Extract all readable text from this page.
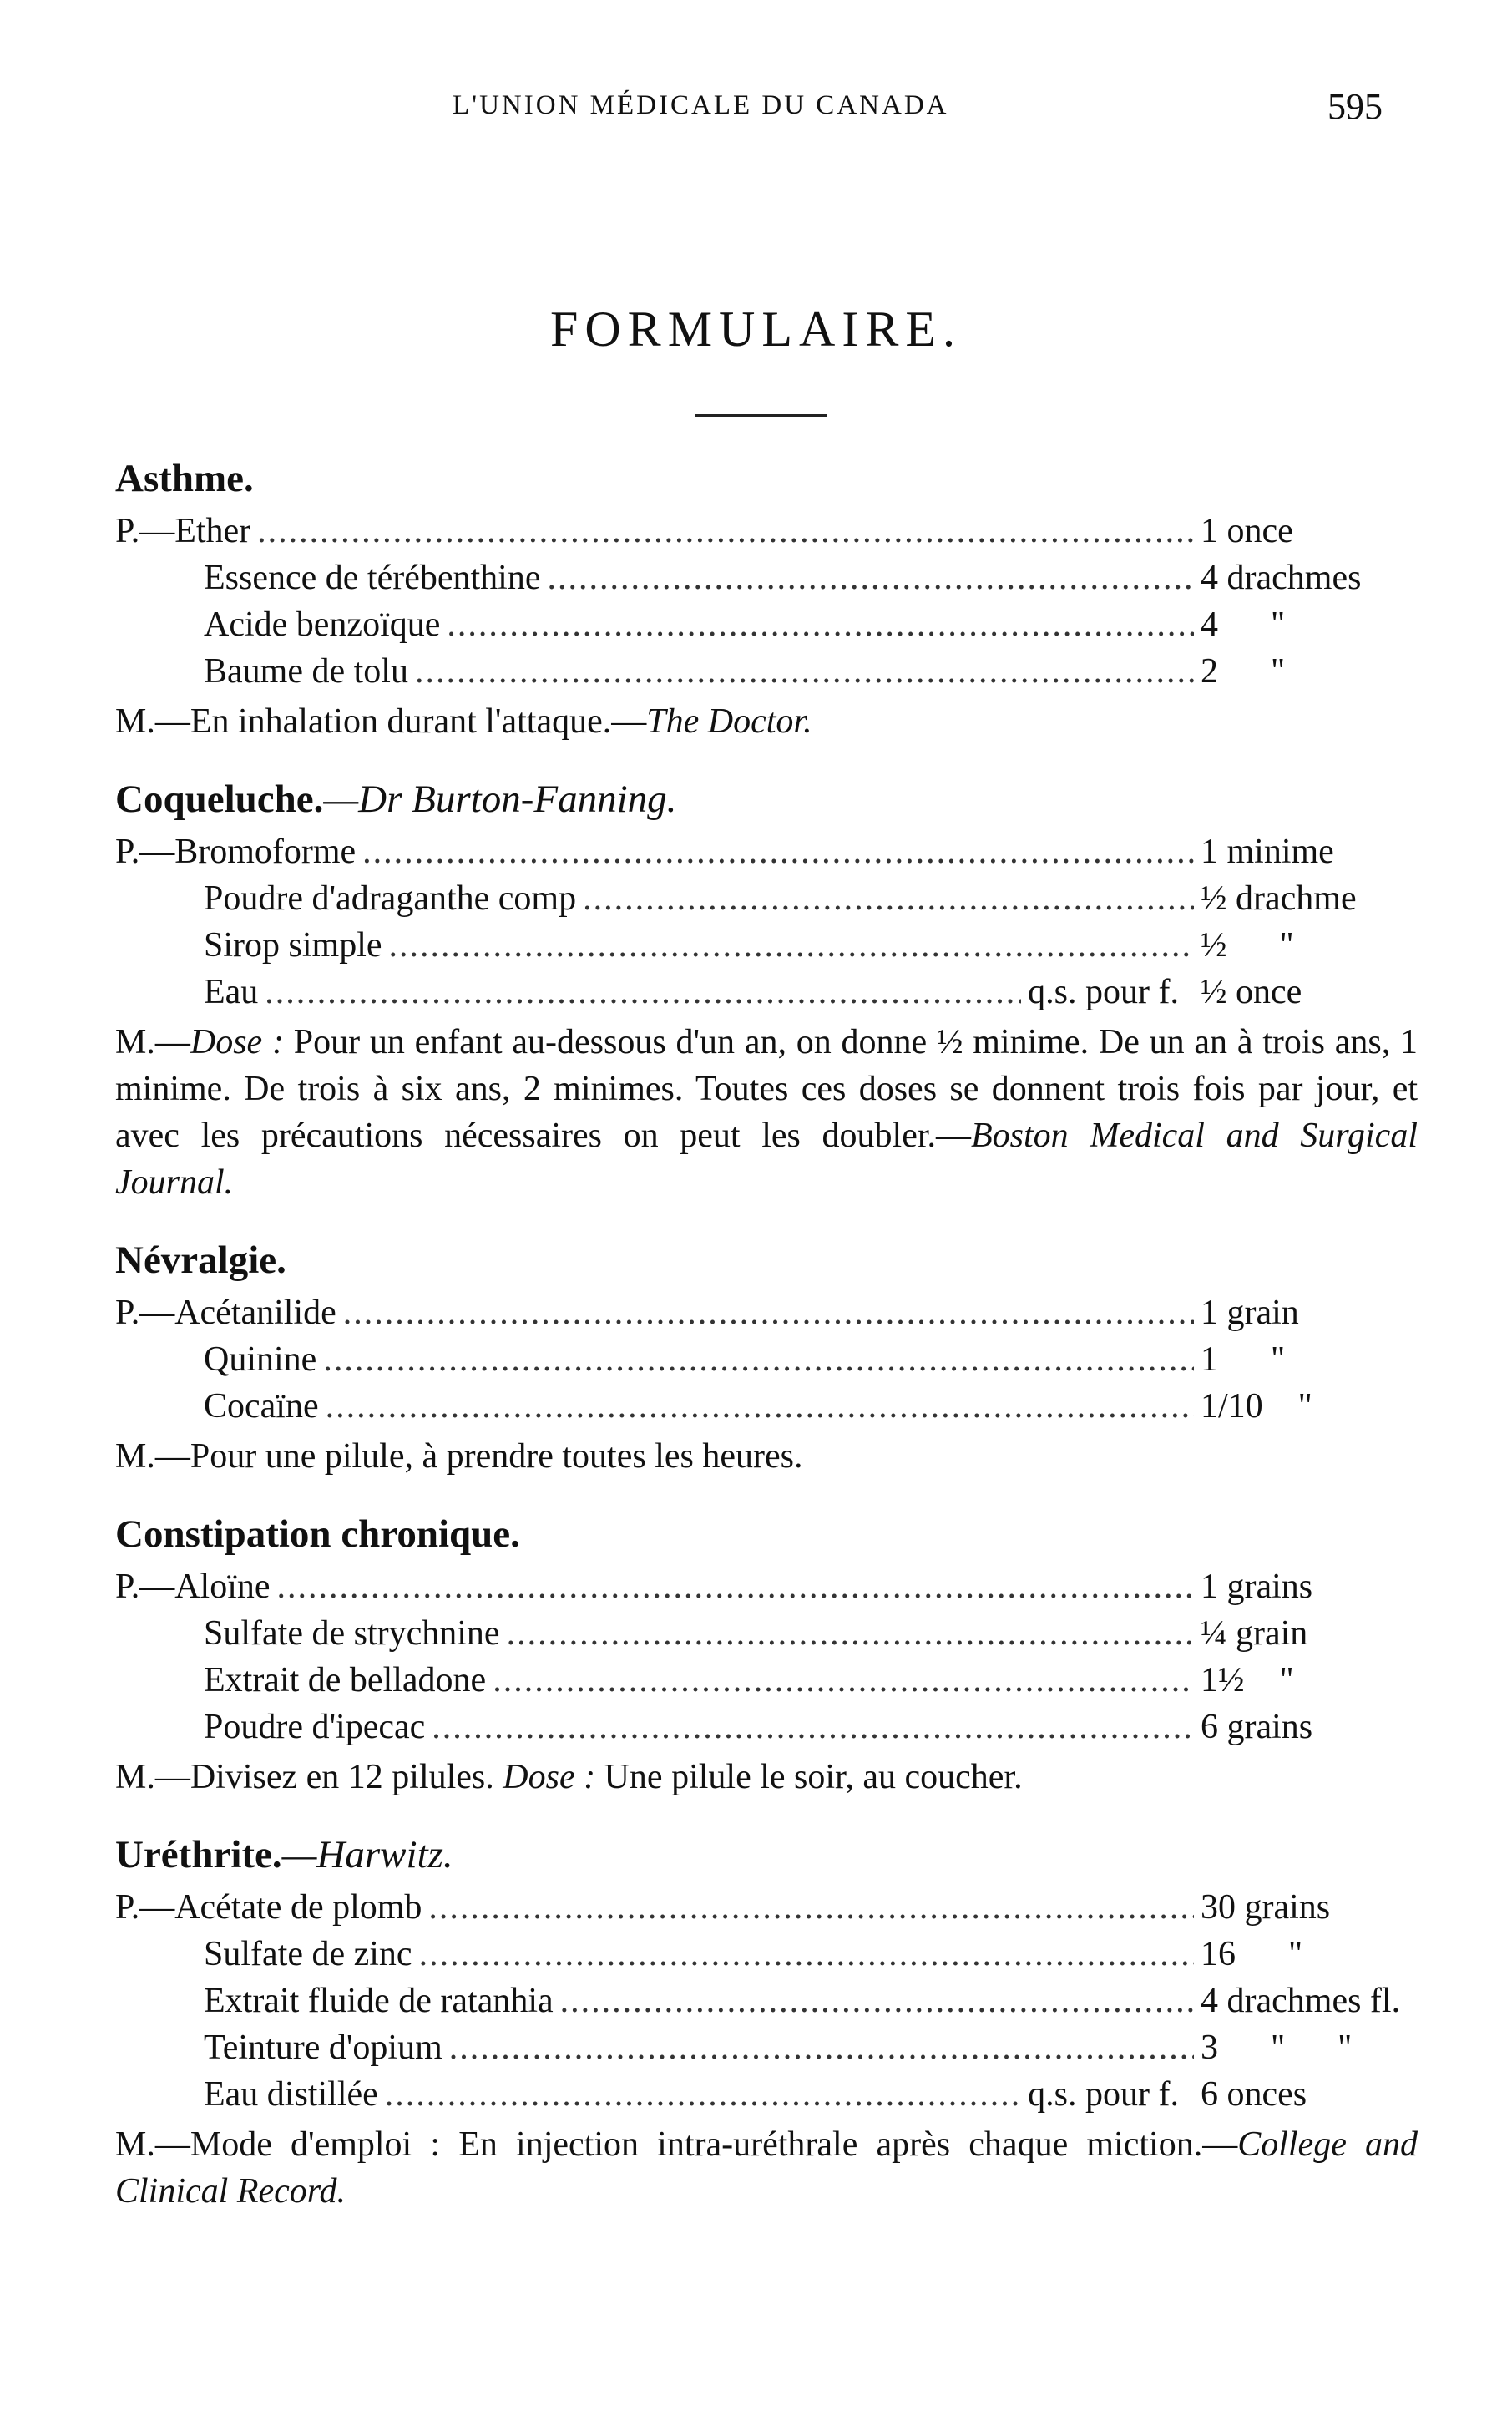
L'UNION MÉDICALE DU CANADA	595
FORMULAIRE.
Asthme.
P.—Ether .....	1 once
Essence de térébenthine .....	4 drachmes
Acide benzoïque .....	4      "
Baume de tolu .....	2      "
M.—En inhalation durant l'attaque.—The Doctor.
Coqueluche.—Dr Burton-Fanning.
P.—Bromoforme .....	1 minime
Poudre d'adraganthe comp .....	½ drachme
Sirop simple .....	½      "
Eau .....	q.s. pour f. ½ once
M.—Dose : Pour un enfant au-dessous d'un an, on donne ½ minime. De un an à trois ans, 1 minime. De trois à six ans, 2 minimes. Toutes ces doses se donnent trois fois par jour, et avec les précautions nécessaires on peut les doubler.—Boston Medical and Surgical Journal.
Névralgie.
P.—Acétanilide .....	1 grain
Quinine .....	1      "
Cocaïne .....	1/10    "
M.—Pour une pilule, à prendre toutes les heures.
Constipation chronique.
P.—Aloïne .....	1 grains
Sulfate de strychnine .....	¼ grain
Extrait de belladone .....	1½    "
Poudre d'ipecac .....	6 grains
M.—Divisez en 12 pilules. Dose : Une pilule le soir, au coucher.
Uréthrite.—Harwitz.
P.—Acétate de plomb .....	30 grains
Sulfate de zinc .....	16      "
Extrait fluide de ratanhia .....	4 drachmes fl.
Teinture d'opium .....	3      "      "
Eau distillée .....	q.s. pour f. 6 onces
M.—Mode d'emploi : En injection intra-uréthrale après chaque miction.—College and Clinical Record.
